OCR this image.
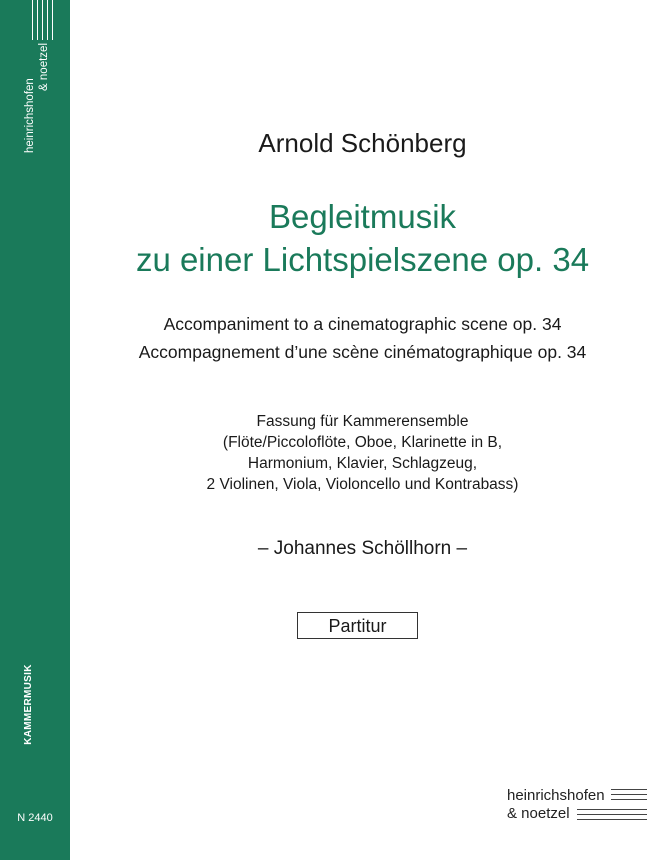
heinrichshofen
& noetzel
KAMMERMUSIK
N 2440
Arnold Schönberg
Begleitmusik
zu einer Lichtspielszene op. 34
Accompaniment to a cinematographic scene op. 34
Accompagnement d’une scène cinématographique op. 34
Fassung für Kammerensemble
(Flöte/Piccoloflöte, Oboe, Klarinette in B,
Harmonium, Klavier, Schlagzeug,
2 Violinen, Viola, Violoncello und Kontrabass)
– Johannes Schöllhorn –
Partitur
heinrichshofen
& noetzel
